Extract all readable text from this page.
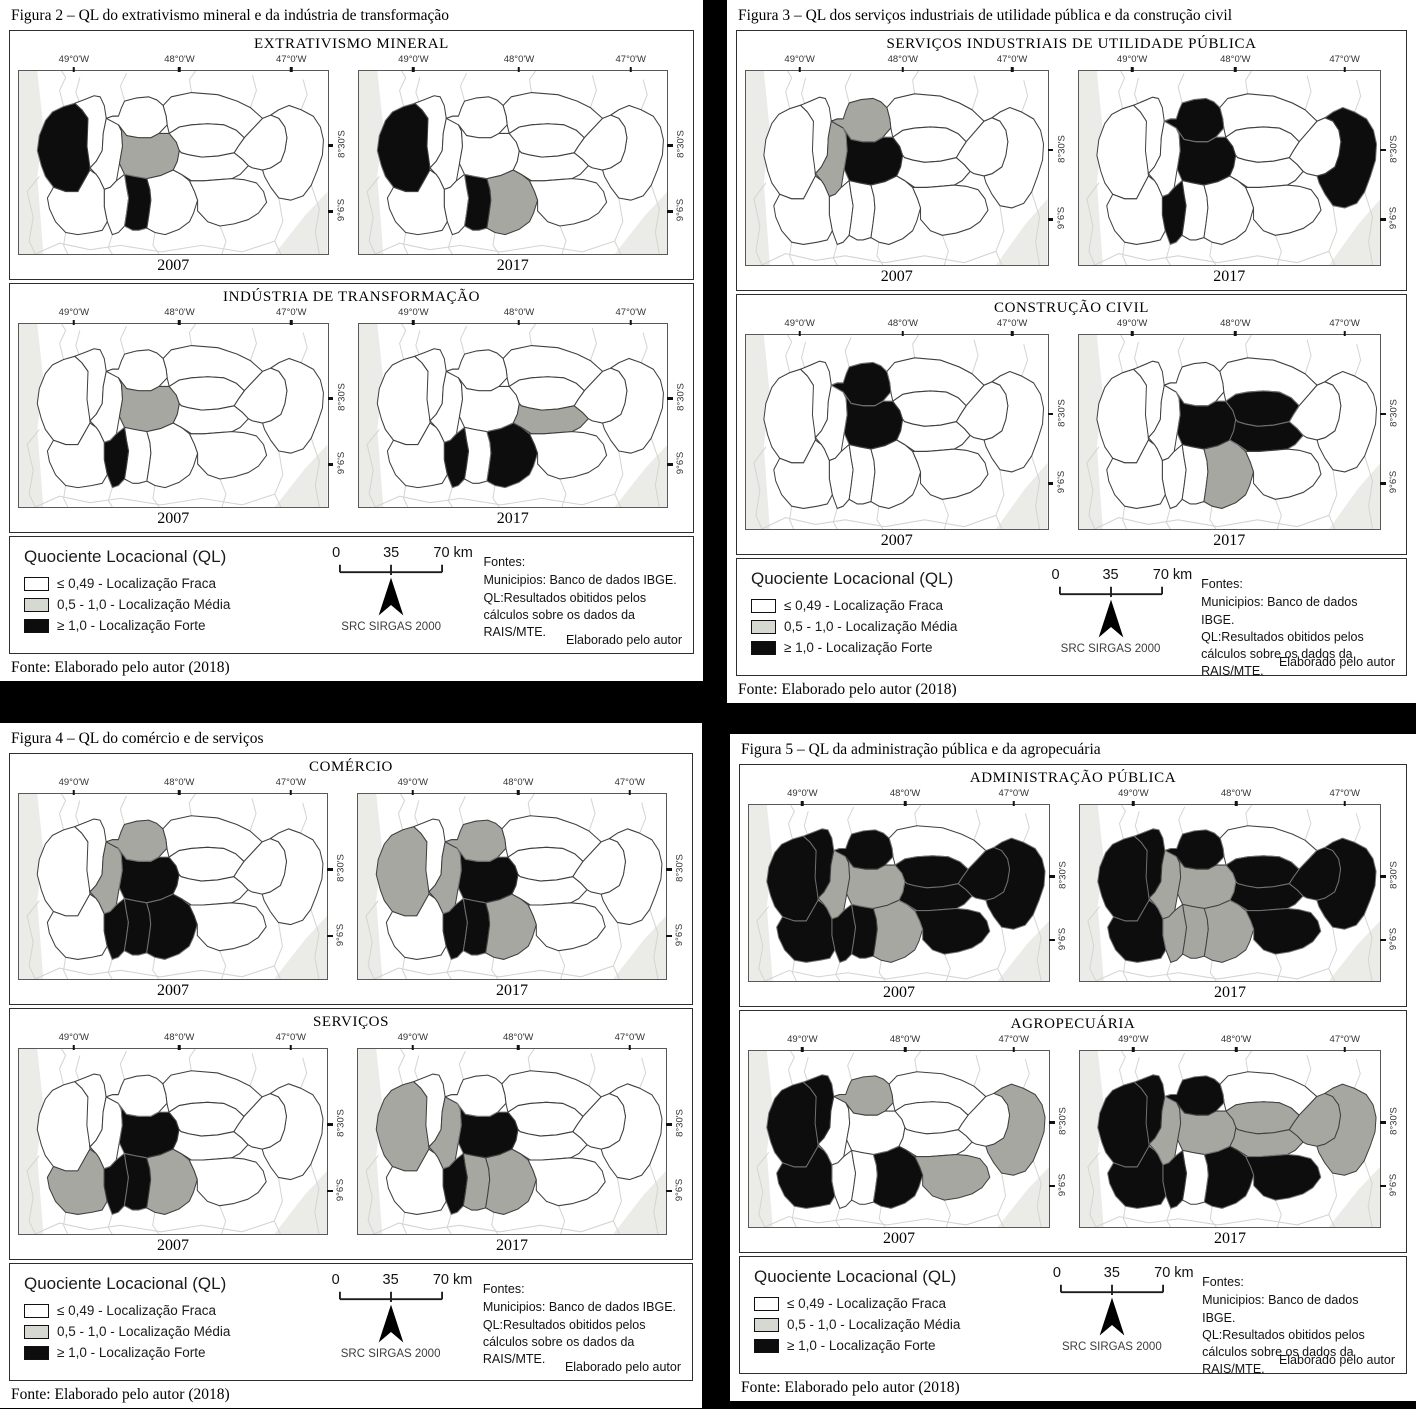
Figura 2 – QL do extrativismo mineral e da indústria de transformação
EXTRATIVISMO MINERAL
49°0'W	48°0'W	47°0'W
8°30'S
9°6'S
2007
49°0'W	48°0'W	47°0'W
8°30'S
9°6'S
2017
INDÚSTRIA DE TRANSFORMAÇÃO
49°0'W	48°0'W	47°0'W
8°30'S
9°6'S
2007
49°0'W	48°0'W	47°0'W
8°30'S
9°6'S
2017
Quociente Locacional (QL)
≤ 0,49 - Localização Fraca
0,5 - 1,0 - Localização Média
≥ 1,0 - Localização Forte
0	35 70 km
SRC SIRGAS 2000
Fontes:
Municipios: Banco de dados IBGE.
QL:Resultados obitidos pelos
cálculos sobre os dados da RAIS/MTE.
Elaborado pelo autor
Fonte: Elaborado pelo autor (2018)
Figura 3 – QL dos serviços industriais de utilidade pública e da construção civil
SERVIÇOS INDUSTRIAIS DE UTILIDADE PÚBLICA
49°0'W	48°0'W	47°0'W
8°30'S
9°6'S
2007
49°0'W	48°0'W	47°0'W
8°30'S
9°6'S
2017
CONSTRUÇÃO CIVIL
49°0'W	48°0'W	47°0'W
8°30'S
9°6'S
2007
49°0'W	48°0'W	47°0'W
8°30'S
9°6'S
2017
Quociente Locacional (QL)
≤ 0,49 - Localização Fraca
0,5 - 1,0 - Localização Média
≥ 1,0 - Localização Forte
0	35 70 km
SRC SIRGAS 2000
Fontes:
Municipios: Banco de dados IBGE.
QL:Resultados obitidos pelos
cálculos sobre os dados da RAIS/MTE.
Elaborado pelo autor
Fonte: Elaborado pelo autor (2018)
Figura 4 – QL do comércio e de serviços
COMÉRCIO
49°0'W	48°0'W	47°0'W
8°30'S
9°6'S
2007
49°0'W	48°0'W	47°0'W
8°30'S
9°6'S
2017
SERVIÇOS
49°0'W	48°0'W	47°0'W
8°30'S
9°6'S
2007
49°0'W	48°0'W	47°0'W
8°30'S
9°6'S
2017
Quociente Locacional (QL)
≤ 0,49 - Localização Fraca
0,5 - 1,0 - Localização Média
≥ 1,0 - Localização Forte
0	35 70 km
SRC SIRGAS 2000
Fontes:
Municipios: Banco de dados IBGE.
QL:Resultados obitidos pelos
cálculos sobre os dados da RAIS/MTE.
Elaborado pelo autor
Fonte: Elaborado pelo autor (2018)
Figura 5 – QL da administração pública e da agropecuária
ADMINISTRAÇÃO PÚBLICA
49°0'W	48°0'W	47°0'W
8°30'S
9°6'S
2007
49°0'W	48°0'W	47°0'W
8°30'S
9°6'S
2017
AGROPECUÁRIA
49°0'W	48°0'W	47°0'W
8°30'S
9°6'S
2007
49°0'W	48°0'W	47°0'W
8°30'S
9°6'S
2017
Quociente Locacional (QL)
≤ 0,49 - Localização Fraca
0,5 - 1,0 - Localização Média
≥ 1,0 - Localização Forte
0	35 70 km
SRC SIRGAS 2000
Fontes:
Municipios: Banco de dados IBGE.
QL:Resultados obitidos pelos
cálculos sobre os dados da RAIS/MTE.
Elaborado pelo autor
Fonte: Elaborado pelo autor (2018)
